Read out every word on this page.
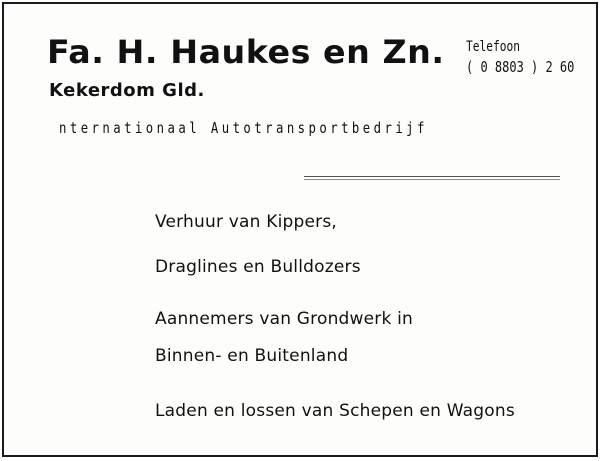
Fa. H. Haukes en Zn.
Kekerdom Gld.
Telefoon
( 0 8803 ) 2 60
nternationaal Autotransportbedrijf
Verhuur van Kippers,
Draglines en Bulldozers
Aannemers van Grondwerk in
Binnen- en Buitenland
Laden en lossen van Schepen en Wagons
